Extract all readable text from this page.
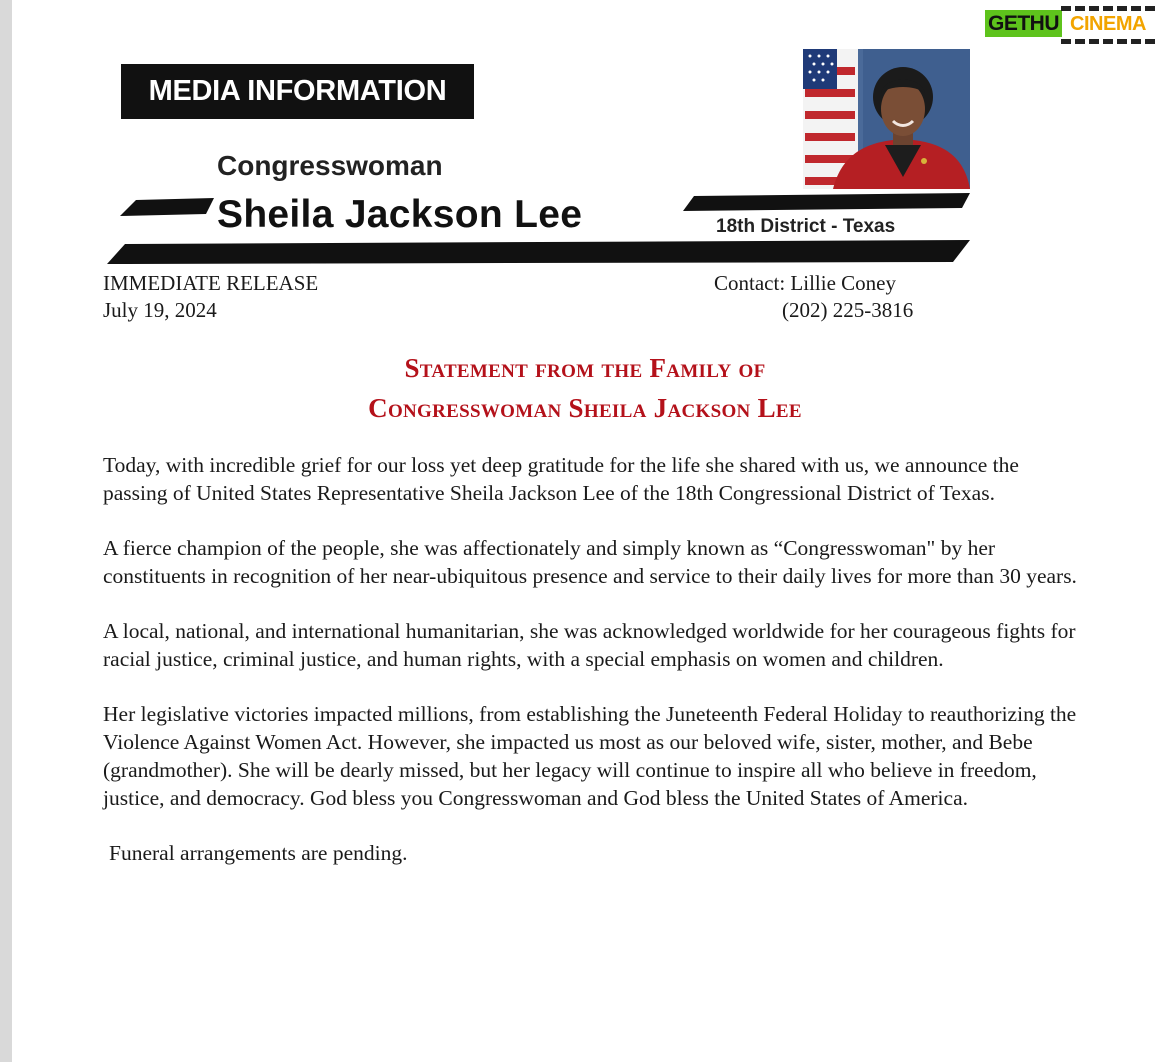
GETHU CINEMA
MEDIA INFORMATION
Congresswoman
Sheila Jackson Lee	18th District - Texas
IMMEDIATE RELEASE
July 19, 2024
Contact: Lillie Coney
(202) 225-3816
Statement from the Family of
Congresswoman Sheila Jackson Lee

Today, with incredible grief for our loss yet deep gratitude for the life she shared with us, we announce the passing of United States Representative Sheila Jackson Lee of the 18th Congressional District of Texas.

A fierce champion of the people, she was affectionately and simply known as “Congresswoman" by her constituents in recognition of her near-ubiquitous presence and service to their daily lives for more than 30 years.

A local, national, and international humanitarian, she was acknowledged worldwide for her courageous fights for racial justice, criminal justice, and human rights, with a special emphasis on women and children.

Her legislative victories impacted millions, from establishing the Juneteenth Federal Holiday to reauthorizing the Violence Against Women Act. However, she impacted us most as our beloved wife, sister, mother, and Bebe (grandmother). She will be dearly missed, but her legacy will continue to inspire all who believe in freedom, justice, and democracy. God bless you Congresswoman and God bless the United States of America.

Funeral arrangements are pending.
